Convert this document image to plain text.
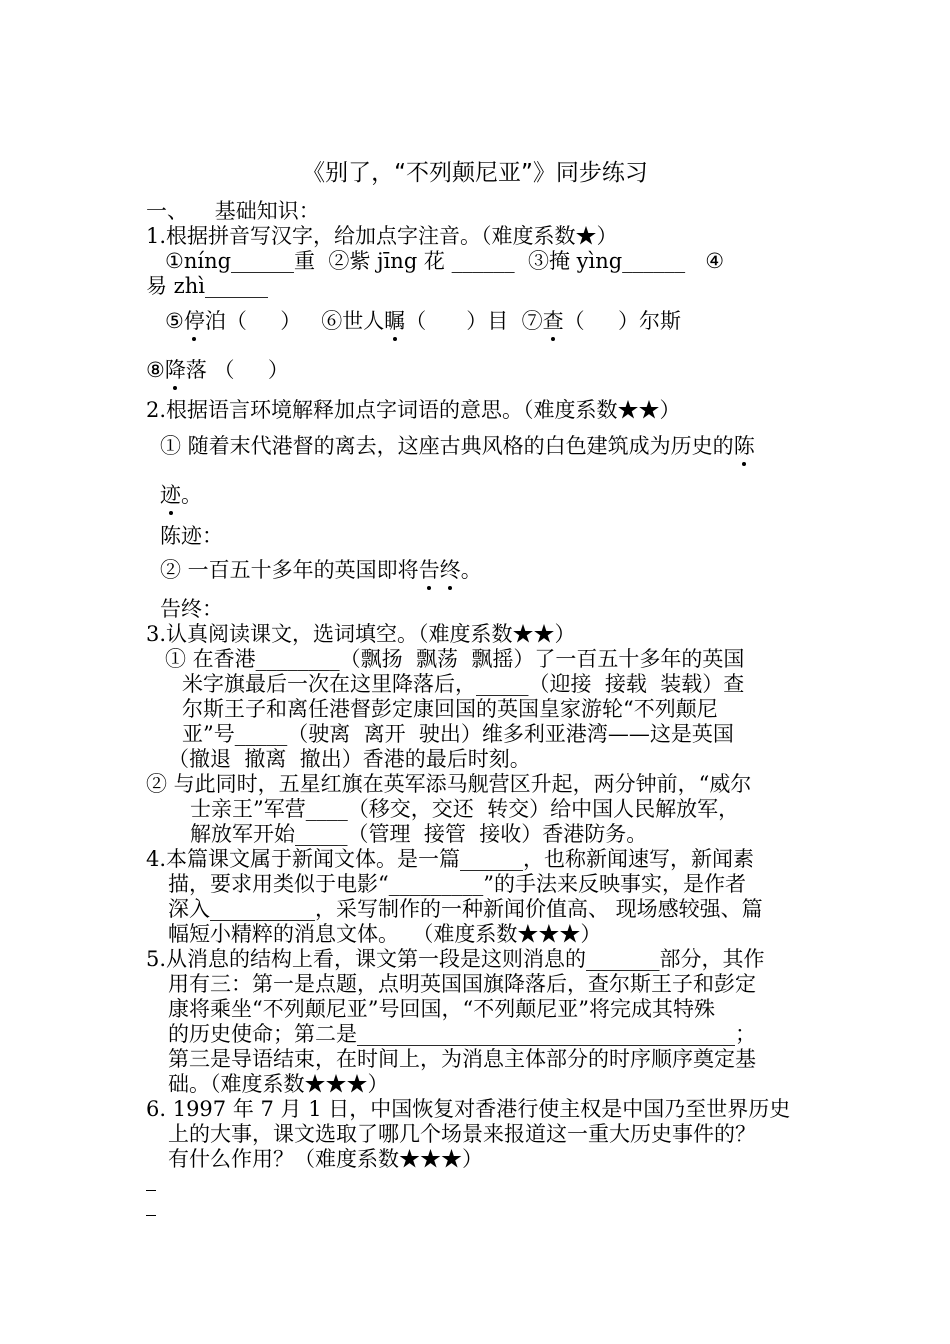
《别了，“不列颠尼亚”》同步练习
一、    基础知识：
1.根据拼音写汉字，给加点字注音。（难度系数★）
①níng______重  ②紫 jīng 花 ______  ③掩 yìng______   ④
易 zhì______
⑤停泊（     ）   ⑥世人瞩（      ）目  ⑦查（     ）尔斯
⑧降落 （     ）
2.根据语言环境解释加点字词语的意思。（难度系数★★）
① 随着末代港督的离去，这座古典风格的白色建筑成为历史的陈
迹。
陈迹：
② 一百五十多年的英国即将告终。
告终：
3.认真阅读课文，选词填空。（难度系数★★）
① 在香港________（飘扬  飘荡  飘摇）了一百五十多年的英国
米字旗最后一次在这里降落后，_____（迎接  接载  装载）查
尔斯王子和离任港督彭定康回国的英国皇家游轮“不列颠尼
亚”号_____（驶离  离开  驶出）维多利亚港湾——这是英国
（撤退  撤离  撤出）香港的最后时刻。
② 与此同时，五星红旗在英军添马舰营区升起，两分钟前，“威尔
士亲王”军营____（移交，交还  转交）给中国人民解放军，
解放军开始_____（管理  接管  接收）香港防务。
4.本篇课文属于新闻文体。是一篇______，也称新闻速写，新闻素
描，要求用类似于电影“_________”的手法来反映事实，是作者
深入__________，采写制作的一种新闻价值高、 现场感较强、篇
幅短小精粹的消息文体。  （难度系数★★★）
5.从消息的结构上看，课文第一段是这则消息的_______部分，其作
用有三：第一是点题，点明英国国旗降落后，查尔斯王子和彭定
康将乘坐“不列颠尼亚”号回国，“不列颠尼亚”将完成其特殊
的历史使命；第二是____________________________________；
第三是导语结束，在时间上，为消息主体部分的时序顺序奠定基
础。（难度系数★★★）
6. 1997 年 7 月 1 日，中国恢复对香港行使主权是中国乃至世界历史
上的大事，课文选取了哪几个场景来报道这一重大历史事件的？
有什么作用？（难度系数★★★）
